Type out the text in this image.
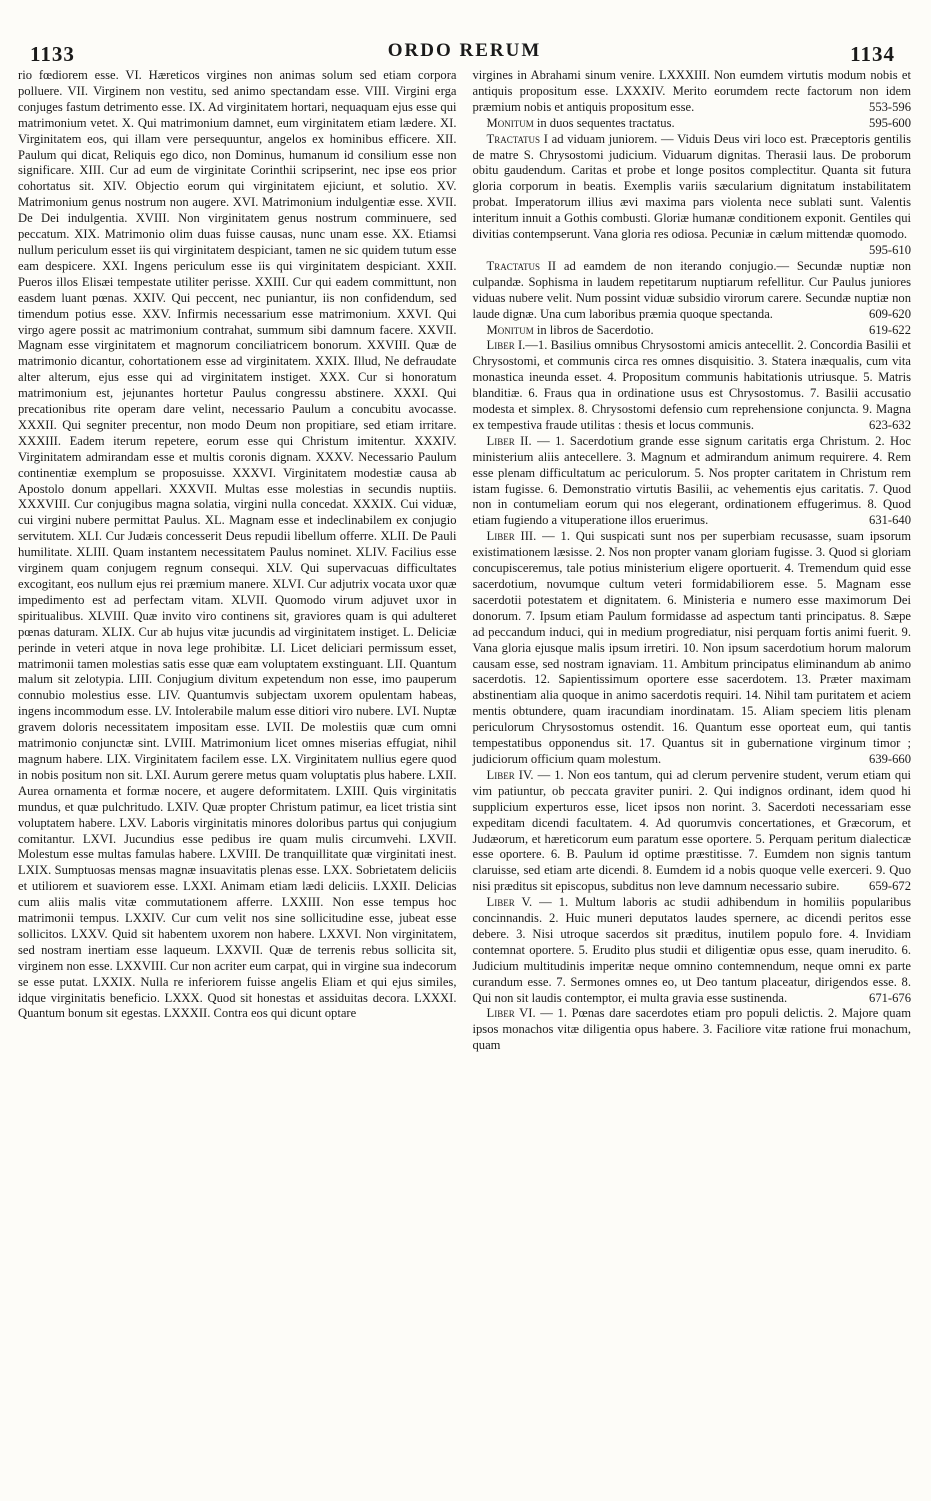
1133	ORDO RERUM	1134

rio fœdiorem esse. VI. Hæreticos virgines non animas solum sed etiam corpora polluere. VII. Virginem non vestitu, sed animo spectandam esse. VIII. Virgini erga conjuges fastum detrimento esse. IX. Ad virginitatem hortari, nequaquam ejus esse qui matrimonium vetet. X. Qui matrimonium damnet, eum virginitatem etiam lædere. XI. Virginitatem eos, qui illam vere persequuntur, angelos ex hominibus efficere. XII. Paulum qui dicat, Reliquis ego dico, non Dominus, humanum id consilium esse non significare. XIII. Cur ad eum de virginitate Corinthii scripserint, nec ipse eos prior cohortatus sit. XIV. Objectio eorum qui virginitatem ejiciunt, et solutio. XV. Matrimonium genus nostrum non augere. XVI. Matrimonium indulgentiæ esse. XVII. De Dei indulgentia. XVIII. Non virginitatem genus nostrum comminuere, sed peccatum. XIX. Matrimonio olim duas fuisse causas, nunc unam esse. XX. Etiamsi nullum periculum esset iis qui virginitatem despiciant, tamen ne sic quidem tutum esse eam despicere. XXI. Ingens periculum esse iis qui virginitatem despiciant. XXII. Pueros illos Elisæi tempestate utiliter perisse. XXIII. Cur qui eadem committunt, non easdem luant pœnas. XXIV. Qui peccent, nec puniantur, iis non confidendum, sed timendum potius esse. XXV. Infirmis necessarium esse matrimonium. XXVI. Qui virgo agere possit ac matrimonium contrahat, summum sibi damnum facere. XXVII. Magnam esse virginitatem et magnorum conciliatricem bonorum. XXVIII. Quæ de matrimonio dicantur, cohortationem esse ad virginitatem. XXIX. Illud, Ne defraudate alter alterum, ejus esse qui ad virginitatem instiget. XXX. Cur si honoratum matrimonium est, jejunantes hortetur Paulus congressu abstinere. XXXI. Qui precationibus rite operam dare velint, necessario Paulum a concubitu avocasse. XXXII. Qui segniter precentur, non modo Deum non propitiare, sed etiam irritare. XXXIII. Eadem iterum repetere, eorum esse qui Christum imitentur. XXXIV. Virginitatem admirandam esse et multis coronis dignam. XXXV. Necessario Paulum continentiæ exemplum se proposuisse. XXXVI. Virginitatem modestiæ causa ab Apostolo donum appellari. XXXVII. Multas esse molestias in secundis nuptiis. XXXVIII. Cur conjugibus magna solatia, virgini nulla concedat. XXXIX. Cui viduæ, cui virgini nubere permittat Paulus. XL. Magnam esse et indeclinabilem ex conjugio servitutem. XLI. Cur Judæis concesserit Deus repudii libellum offerre. XLII. De Pauli humilitate. XLIII. Quam instantem necessitatem Paulus nominet. XLIV. Facilius esse virginem quam conjugem regnum consequi. XLV. Qui supervacuas difficultates excogitant, eos nullum ejus rei præmium manere. XLVI. Cur adjutrix vocata uxor quæ impedimento est ad perfectam vitam. XLVII. Quomodo virum adjuvet uxor in spiritualibus. XLVIII. Quæ invito viro continens sit, graviores quam is qui adulteret pœnas daturam. XLIX. Cur ab hujus vitæ jucundis ad virginitatem instiget. L. Deliciæ perinde in veteri atque in nova lege prohibitæ. LI. Licet deliciari permissum esset, matrimonii tamen molestias satis esse quæ eam voluptatem exstinguant. LII. Quantum malum sit zelotypia. LIII. Conjugium divitum expetendum non esse, imo pauperum connubio molestius esse. LIV. Quantumvis subjectam uxorem opulentam habeas, ingens incommodum esse. LV. Intolerabile malum esse ditiori viro nubere. LVI. Nuptæ gravem doloris necessitatem impositam esse. LVII. De molestiis quæ cum omni matrimonio conjunctæ sint. LVIII. Matrimonium licet omnes miserias effugiat, nihil magnum habere. LIX. Virginitatem facilem esse. LX. Virginitatem nullius egere quod in nobis positum non sit. LXI. Aurum gerere metus quam voluptatis plus habere. LXII. Aurea ornamenta et formæ nocere, et augere deformitatem. LXIII. Quis virginitatis mundus, et quæ pulchritudo. LXIV. Quæ propter Christum patimur, ea licet tristia sint voluptatem habere. LXV. Laboris virginitatis minores doloribus partus qui conjugium comitantur. LXVI. Jucundius esse pedibus ire quam mulis circumvehi. LXVII. Molestum esse multas famulas habere. LXVIII. De tranquillitate quæ virginitati inest. LXIX. Sumptuosas mensas magnæ insuavitatis plenas esse. LXX. Sobrietatem deliciis et utiliorem et suaviorem esse. LXXI. Animam etiam lædi deliciis. LXXII. Delicias cum aliis malis vitæ commutationem afferre. LXXIII. Non esse tempus hoc matrimonii tempus. LXXIV. Cur cum velit nos sine sollicitudine esse, jubeat esse sollicitos. LXXV. Quid sit habentem uxorem non habere. LXXVI. Non virginitatem, sed nostram inertiam esse laqueum. LXXVII. Quæ de terrenis rebus sollicita sit, virginem non esse. LXXVIII. Cur non acriter eum carpat, qui in virgine sua indecorum se esse putat. LXXIX. Nulla re inferiorem fuisse angelis Eliam et qui ejus similes, idque virginitatis beneficio. LXXX. Quod sit honestas et assiduitas decora. LXXXI. Quantum bonum sit egestas. LXXXII. Contra eos qui dicunt optare

virgines in Abrahami sinum venire. LXXXIII. Non eumdem virtutis modum nobis et antiquis propositum esse. LXXXIV. Merito eorumdem recte factorum non idem præmium nobis et antiquis propositum esse.	553-596

Monitum in duos sequentes tractatus.	595-600

Tractatus I ad viduam juniorem. — Viduis Deus viri loco est. Præceptoris gentilis de matre S. Chrysostomi judicium. Viduarum dignitas. Therasii laus. De proborum obitu gaudendum. Caritas et probe et longe positos complectitur. Quanta sit futura gloria corporum in beatis. Exemplis variis sæcularium dignitatum instabilitatem probat. Imperatorum illius ævi maxima pars violenta nece sublati sunt. Valentis interitum innuit a Gothis combusti. Gloriæ humanæ conditionem exponit. Gentiles qui divitias contempserunt. Vana gloria res odiosa. Pecuniæ in cælum mittendæ quomodo.
595-610

Tractatus II ad eamdem de non iterando conjugio.— Secundæ nuptiæ non culpandæ. Sophisma in laudem repetitarum nuptiarum refellitur. Cur Paulus juniores viduas nubere velit. Num possint viduæ subsidio virorum carere. Secundæ nuptiæ non laude dignæ. Una cum laboribus præmia quoque spectanda.	609-620

Monitum in libros de Sacerdotio.	619-622

Liber I.—1. Basilius omnibus Chrysostomi amicis antecellit. 2. Concordia Basilii et Chrysostomi, et communis circa res omnes disquisitio. 3. Statera inæqualis, cum vita monastica ineunda esset. 4. Propositum communis habitationis utriusque. 5. Matris blanditiæ. 6. Fraus qua in ordinatione usus est Chrysostomus. 7. Basilii accusatio modesta et simplex. 8. Chrysostomi defensio cum reprehensione conjuncta. 9. Magna ex tempestiva fraude utilitas : thesis et locus communis.	623-632

Liber II. — 1. Sacerdotium grande esse signum caritatis erga Christum. 2. Hoc ministerium aliis antecellere. 3. Magnum et admirandum animum requirere. 4. Rem esse plenam difficultatum ac periculorum. 5. Nos propter caritatem in Christum rem istam fugisse. 6. Demonstratio virtutis Basilii, ac vehementis ejus caritatis. 7. Quod non in contumeliam eorum qui nos elegerant, ordinationem effugerimus. 8. Quod etiam fugiendo a vituperatione illos eruerimus.	631-640

Liber III. — 1. Qui suspicati sunt nos per superbiam recusasse, suam ipsorum existimationem læsisse. 2. Nos non propter vanam gloriam fugisse. 3. Quod si gloriam concupisceremus, tale potius ministerium eligere oportuerit. 4. Tremendum quid esse sacerdotium, novumque cultum veteri formidabiliorem esse. 5. Magnam esse sacerdotii potestatem et dignitatem. 6. Ministeria e numero esse maximorum Dei donorum. 7. Ipsum etiam Paulum formidasse ad aspectum tanti principatus. 8. Sæpe ad peccandum induci, qui in medium progrediatur, nisi perquam fortis animi fuerit. 9. Vana gloria ejusque malis ipsum irretiri. 10. Non ipsum sacerdotium horum malorum causam esse, sed nostram ignaviam. 11. Ambitum principatus eliminandum ab animo sacerdotis. 12. Sapientissimum oportere esse sacerdotem. 13. Præter maximam abstinentiam alia quoque in animo sacerdotis requiri. 14. Nihil tam puritatem et aciem mentis obtundere, quam iracundiam inordinatam. 15. Aliam speciem litis plenam periculorum Chrysostomus ostendit. 16. Quantum esse oporteat eum, qui tantis tempestatibus opponendus sit. 17. Quantus sit in gubernatione virginum timor ; judiciorum officium quam molestum.	639-660

Liber IV. — 1. Non eos tantum, qui ad clerum pervenire student, verum etiam qui vim patiuntur, ob peccata graviter puniri. 2. Qui indignos ordinant, idem quod hi supplicium experturos esse, licet ipsos non norint. 3. Sacerdoti necessariam esse expeditam dicendi facultatem. 4. Ad quorumvis concertationes, et Græcorum, et Judæorum, et hæreticorum eum paratum esse oportere. 5. Perquam peritum dialecticæ esse oportere. 6. B. Paulum id optime præstitisse. 7. Eumdem non signis tantum claruisse, sed etiam arte dicendi. 8. Eumdem id a nobis quoque velle exerceri. 9. Quo nisi præditus sit episcopus, subditus non leve damnum necessario subire.	659-672

Liber V. — 1. Multum laboris ac studii adhibendum in homiliis popularibus concinnandis. 2. Huic muneri deputatos laudes spernere, ac dicendi peritos esse debere. 3. Nisi utroque sacerdos sit præditus, inutilem populo fore. 4. Invidiam contemnat oportere. 5. Erudito plus studii et diligentiæ opus esse, quam inerudito. 6. Judicium multitudinis imperitæ neque omnino contemnendum, neque omni ex parte curandum esse. 7. Sermones omnes eo, ut Deo tantum placeatur, dirigendos esse. 8. Qui non sit laudis contemptor, ei multa gravia esse sustinenda.	671-676

Liber VI. — 1. Pœnas dare sacerdotes etiam pro populi delictis. 2. Majore quam ipsos monachos vitæ diligentia opus habere. 3. Faciliore vitæ ratione frui monachum, quam
